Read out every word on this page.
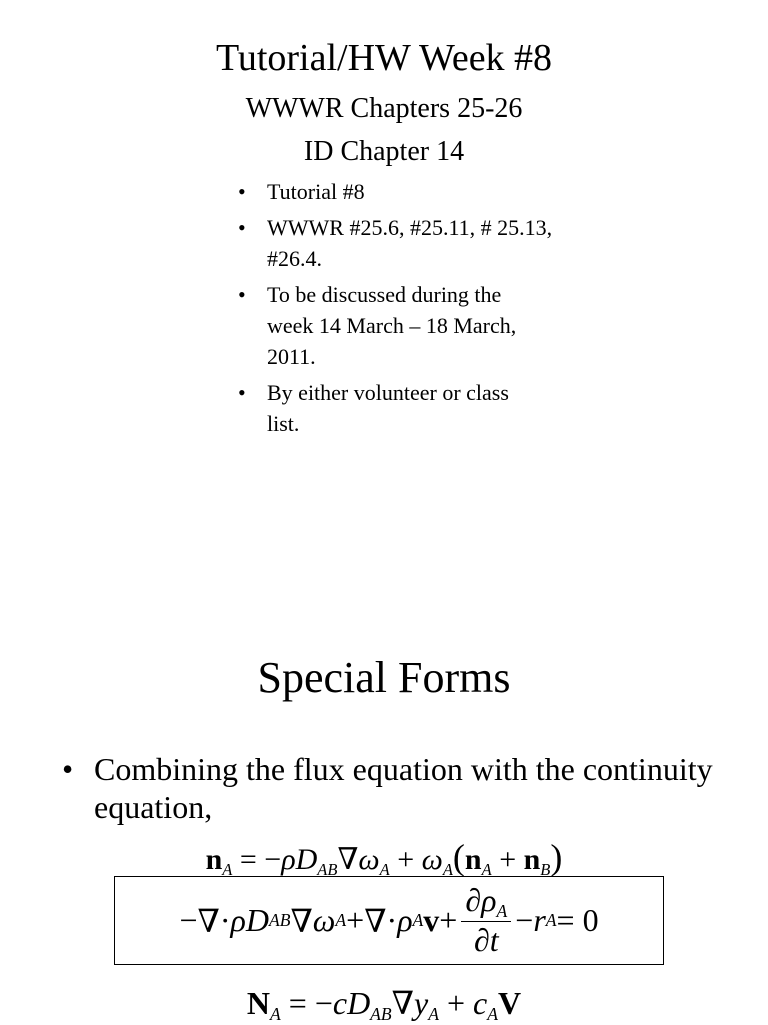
Tutorial/HW Week #8
WWWR Chapters 25-26
ID Chapter 14
• Tutorial #8
• WWWR #25.6, #25.11, # 25.13, #26.4.
• To be discussed during the week 14 March – 18 March, 2011.
• By either volunteer or class list.
Special Forms
• Combining the flux equation with the continuity equation,
$n_A = -\rho D_{AB}\nabla\omega_A + \omega_A(n_A + n_B)$
− ∇ · ρ D AB ∇ ω A + ∇ · ρ A $v + \frac{\partial\rho_A}{\partial t} - r$ A = 0
$N_A = -cD_{AB}\nabla y_A + c_AV$
